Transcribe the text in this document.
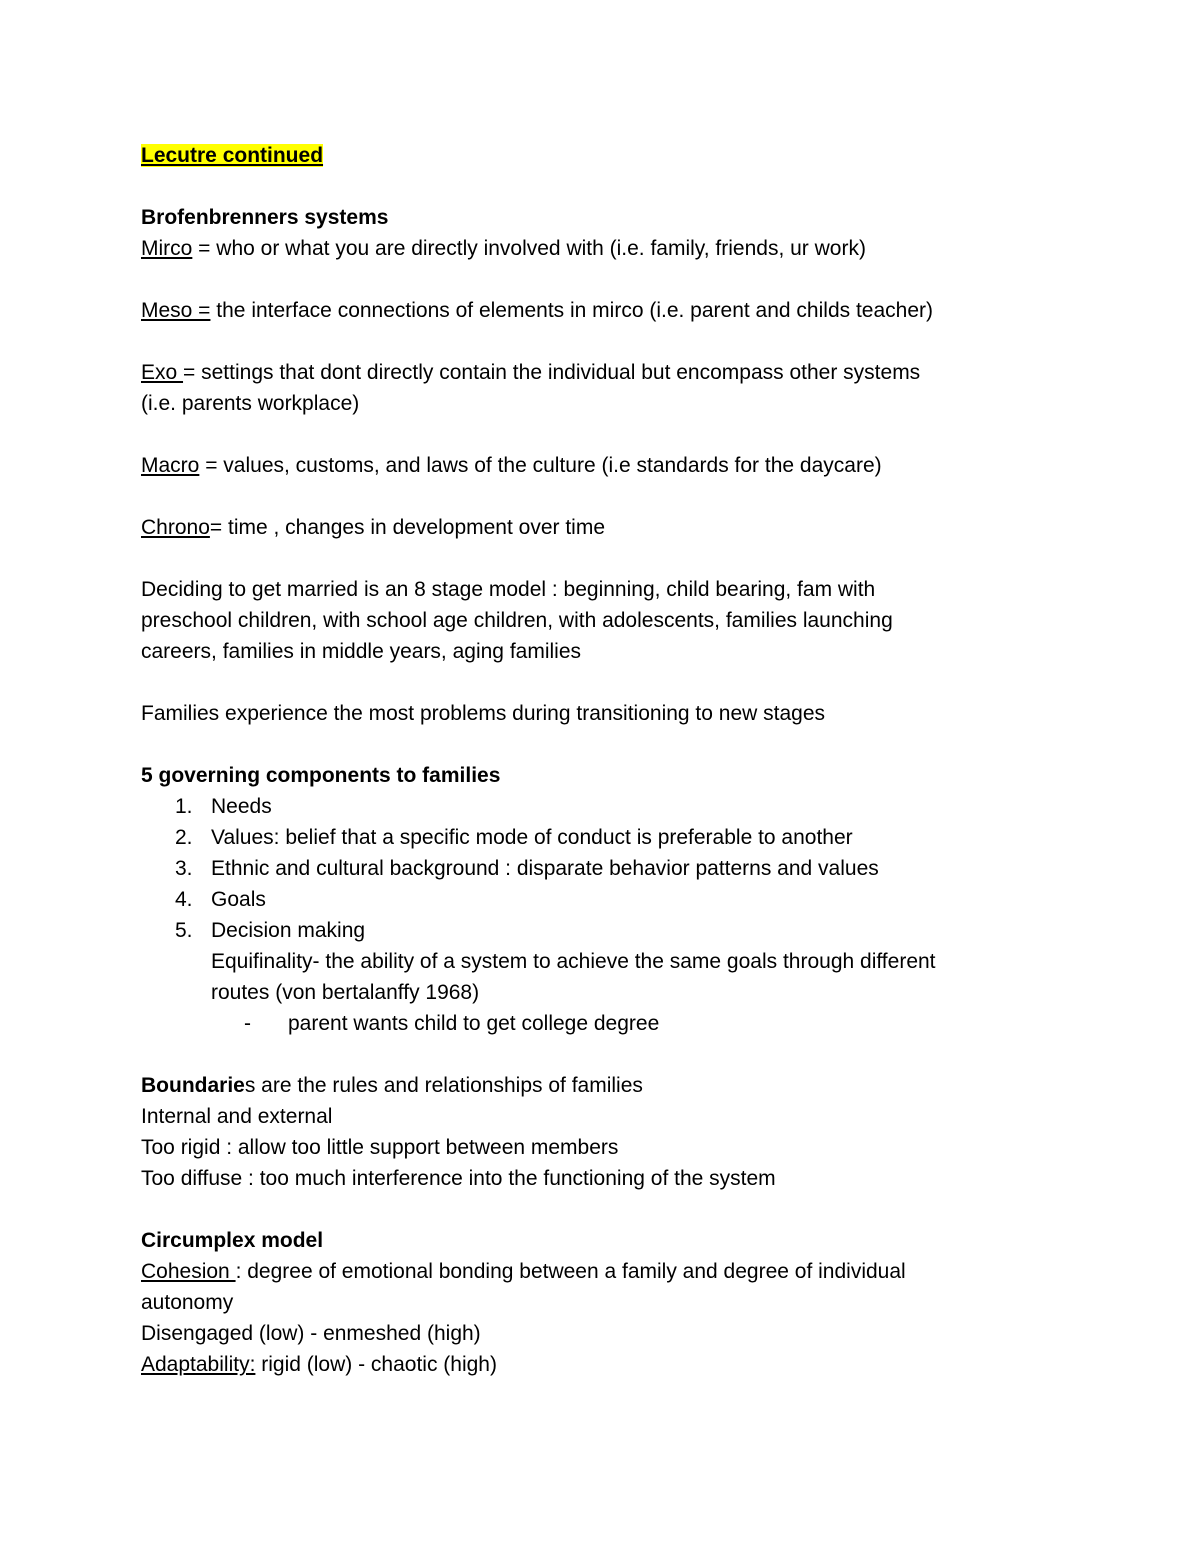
Lecutre continued

Brofenbrenners systems

Mirco = who or what you are directly involved with (i.e. family, friends, ur work)

Meso = the interface connections of elements in mirco (i.e. parent and childs teacher)

Exo = settings that dont directly contain the individual but encompass other systems

(i.e. parents workplace)

Macro = values, customs, and laws of the culture (i.e standards for the daycare)

Chrono= time , changes in development over time

Deciding to get married is an 8 stage model : beginning, child bearing, fam with

preschool children, with school age children, with adolescents, families launching

careers, families in middle years, aging families

Families experience the most problems during transitioning to new stages

5 governing components to families

1. Needs
2. Values: belief that a specific mode of conduct is preferable to another
3. Ethnic and cultural background : disparate behavior patterns and values
4. Goals
5. Decision making

Equifinality- the ability of a system to achieve the same goals through different

routes (von bertalanffy 1968)

- parent wants child to get college degree

Boundaries are the rules and relationships of families

Internal and external

Too rigid : allow too little support between members

Too diffuse : too much interference into the functioning of the system

Circumplex model

Cohesion : degree of emotional bonding between a family and degree of individual

autonomy

Disengaged (low) - enmeshed (high)

Adaptability: rigid (low) - chaotic (high)
